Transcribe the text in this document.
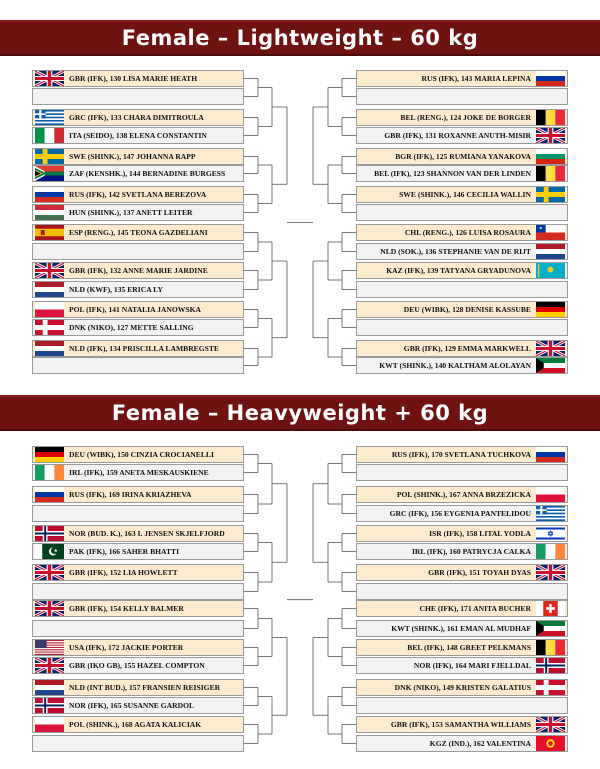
Female – Lightweight – 60 kg
Female – Heavyweight + 60 kg
GBR (IFK), 130 LISA MARIE HEATH
GRC (IFK), 133 CHARA DIMITROULA
ITA (SEIDO), 138 ELENA CONSTANTIN
SWE (SHINK.), 147 JOHANNA RAPP
ZAF (KENSHK.), 144 BERNADINE BURGESS
RUS (IFK), 142 SVETLANA BEREZOVA
HUN (SHINK.), 137 ANETT LEITER
ESP (RENG.), 145 TEONA GAZDELIANI
GBR (IFK), 132 ANNE MARIE JARDINE
NLD (KWF), 135 ERICA LY
POL (IFK), 141 NATALIA JANOWSKA
DNK (NIKO), 127 METTE SALLING
NLD (IFK), 134 PRISCILLA LAMBREGSTE
RUS (IFK), 143 MARIA LEPINA
BEL (RENG.), 124 JOKE DE BORGER
GBR (IFK), 131 ROXANNE ANUTH-MISIR
BGR (IFK), 125 RUMIANA YANAKOVA
BEL (IFK), 123 SHANNON VAN DER LINDEN
SWE (SHINK.), 146 CECILIA WALLIN
CHL (RENG.), 126 LUISA ROSAURA
NLD (SOK.), 136 STEPHANIE VAN DE RIJT
KAZ (IFK), 139 TATYANA GRYADUNOVA
DEU (WIBK), 128 DENISE KASSUBE
GBR (IFK), 129 EMMA MARKWELL
KWT (SHINK.), 140 KALTHAM ALOLAYAN
DEU (WIBK), 150 CINZIA CROCIANELLI
IRL (IFK), 159 ANETA MESKAUSKIENE
RUS (IFK), 169 IRINA KRIAZHEVA
NOR (BUD. K.), 163 I. JENSEN SKJELFJORD
PAK (IFK), 166 SAHER BHATTI
GBR (IFK), 152 LIA HOWLETT
GBR (IFK), 154 KELLY BALMER
USA (IFK), 172 JACKIE PORTER
GBR (IKO GB), 155 HAZEL COMPTON
NLD (INT BUD.), 157 FRANSIEN REISIGER
NOR (IFK), 165 SUSANNE GARDOL
POL (SHINK.), 168 AGATA KALICIAK
RUS (IFK), 170 SVETLANA TUCHKOVA
POL (SHINK.), 167 ANNA BRZEZICKA
GRC (IFK), 156 EYGENIA PANTELIDOU
ISR (IFK), 158 LITAL YODLA
IRL (IFK), 160 PATRYCJA CALKA
GBR (IFK), 151 TOYAH DYAS
CHE (IFK), 171 ANITA BUCHER
KWT (SHINK.), 161 EMAN AL MUDHAF
BEL (IFK), 148 GREET PELKMANS
NOR (IFK), 164 MARI FJELLDAL
DNK (NIKO), 149 KRISTEN GALATIUS
GBR (IFK), 153 SAMANTHA WILLIAMS
KGZ (IND.), 162 VALENTINA
